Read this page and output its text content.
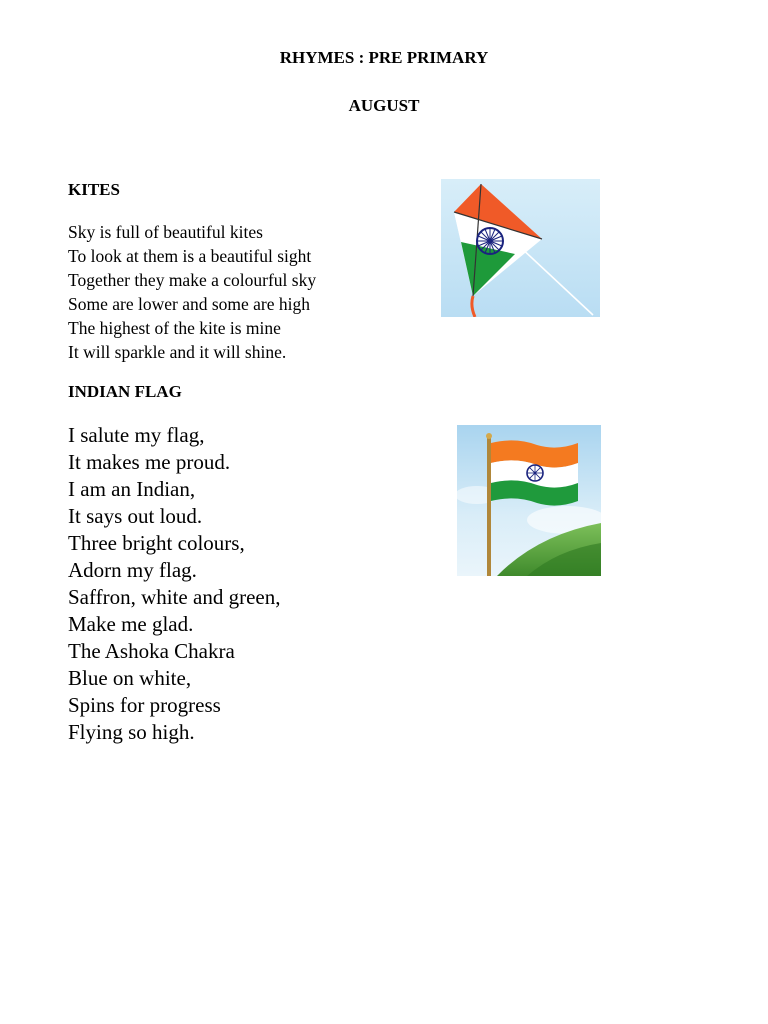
RHYMES : PRE PRIMARY
AUGUST
KITES
Sky is full of beautiful kites
To look at them is a beautiful sight
Together they make a colourful sky
Some are lower and some are high
The highest of the kite is mine
It will sparkle and it will shine.
INDIAN FLAG
I salute my flag,
It makes me proud.
I am an Indian,
It says out loud.
Three bright colours,
Adorn my flag.
Saffron, white and green,
Make me glad.
The Ashoka Chakra
Blue on white,
Spins for progress
Flying so high.
